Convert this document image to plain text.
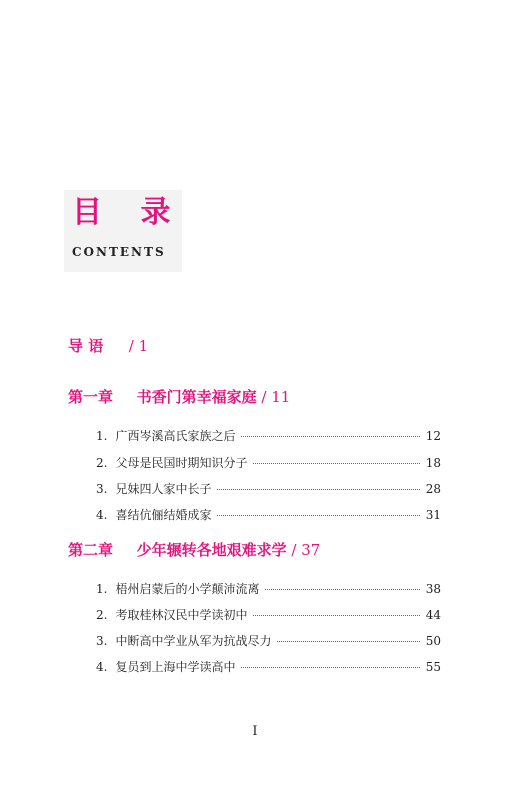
目 录
CONTENTS
导 语 / 1
第一章 书香门第幸福家庭 / 11
1. 广西岑溪高氏家族之后	12
2. 父母是民国时期知识分子	18
3. 兄妹四人家中长子	28
4. 喜结伉俪结婚成家	31
第二章 少年辗转各地艰难求学 / 37
1. 梧州启蒙后的小学颠沛流离	38
2. 考取桂林汉民中学读初中	44
3. 中断高中学业从军为抗战尽力	50
4. 复员到上海中学读高中	55
I
